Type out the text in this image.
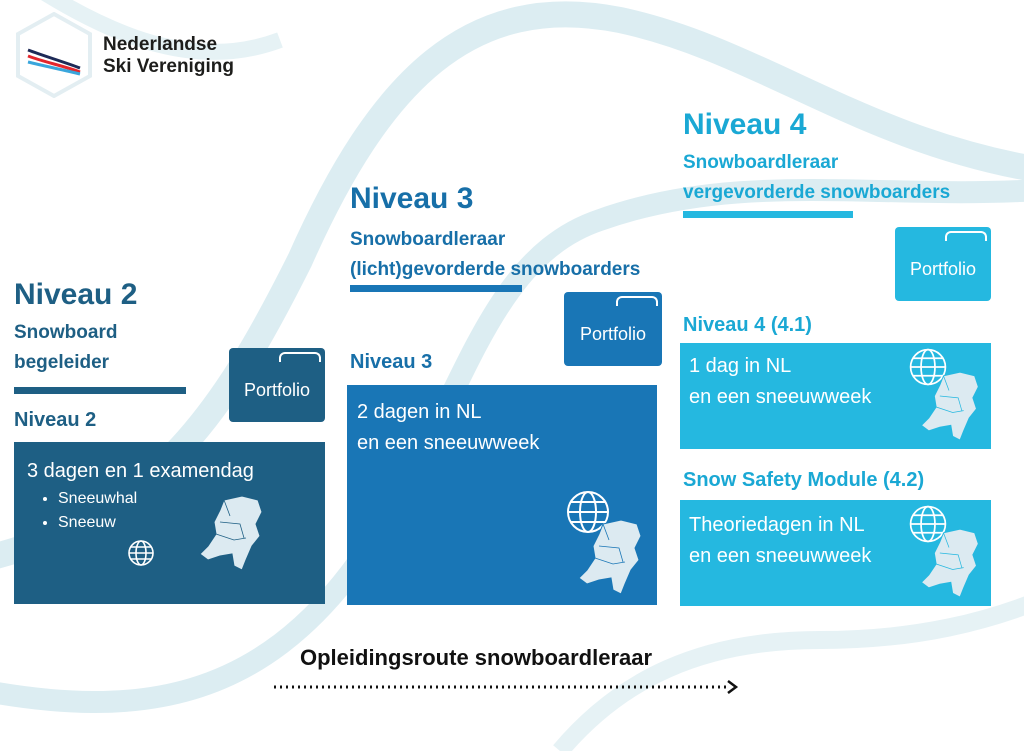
Nederlandse
Ski Vereniging
Niveau 2
Snowboard
begeleider
Portfolio
Niveau 2
3 dagen en 1 examendag
• Sneeuwhal
• Sneeuw
Niveau 3
Snowboardleraar
(licht)gevorderde snowboarders
Portfolio
Niveau 3
2 dagen in NL
en een sneeuwweek
Niveau 4
Snowboardleraar
vergevorderde snowboarders
Portfolio
Niveau 4 (4.1)
1 dag in NL
en een sneeuwweek
Snow Safety Module (4.2)
Theoriedagen in NL
en een sneeuwweek
Opleidingsroute snowboardleraar
